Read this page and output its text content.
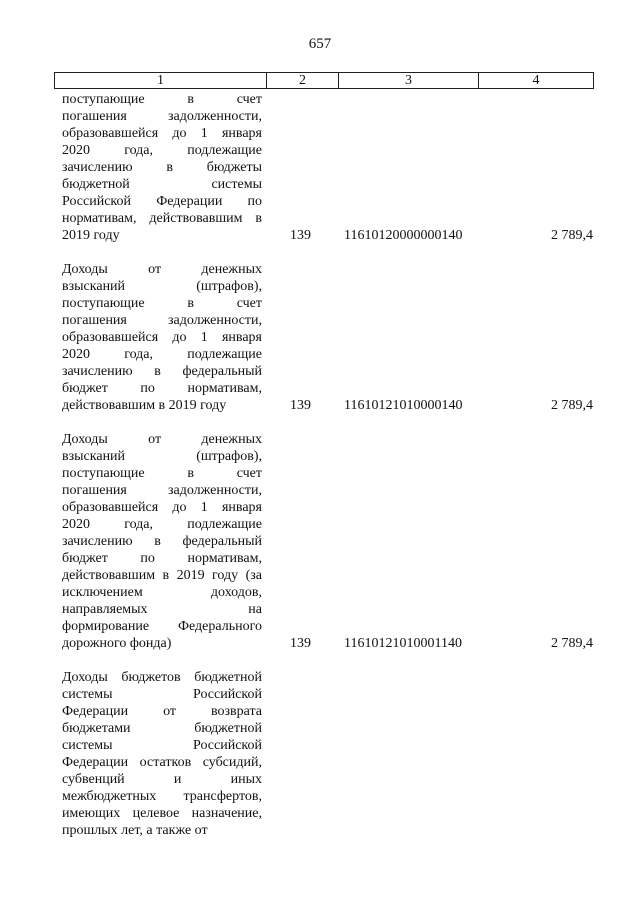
657
1	2	3	4
поступающие в счет
погашения задолженности,
образовавшейся до 1 января
2020 года, подлежащие
зачислению в бюджеты
бюджетной системы
Российской Федерации по
нормативам, действовавшим в
2019 году	139 11610120000000140	2 789,4
Доходы от денежных
взысканий (штрафов),
поступающие в счет
погашения задолженности,
образовавшейся до 1 января
2020 года, подлежащие
зачислению в федеральный
бюджет по нормативам,
действовавшим в 2019 году	139 11610121010000140	2 789,4
Доходы от денежных
взысканий (штрафов),
поступающие в счет
погашения задолженности,
образовавшейся до 1 января
2020 года, подлежащие
зачислению в федеральный
бюджет по нормативам,
действовавшим в 2019 году (за
исключением доходов,
направляемых на
формирование Федерального
дорожного фонда)	139 11610121010001140	2 789,4
Доходы бюджетов бюджетной
системы Российской
Федерации от возврата
бюджетами бюджетной
системы Российской
Федерации остатков субсидий,
субвенций и иных
межбюджетных трансфертов,
имеющих целевое назначение,
прошлых лет, а также от
